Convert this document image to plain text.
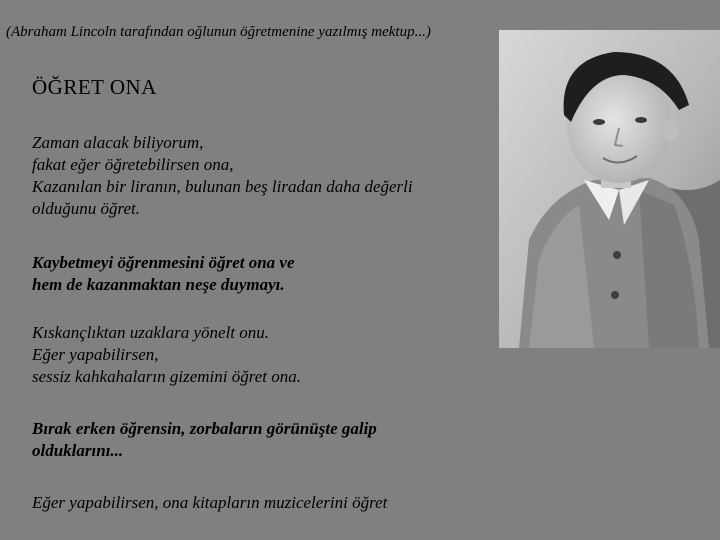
(Abraham Lincoln tarafından oğlunun öğretmenine yazılmış mektup...)
ÖĞRET ONA
Zaman alacak biliyorum,
fakat eğer öğretebilirsen ona,
Kazanılan bir liranın, bulunan beş liradan daha değerli
olduğunu öğret.
Kaybetmeyi öğrenmesini öğret ona ve
hem de kazanmaktan neşe duymayı.
Kıskançlıktan uzaklara yönelt onu.
Eğer yapabilirsen,
sessiz kahkahaların gizemini öğret ona.
Bırak erken öğrensin, zorbaların görünüşte galip
olduklarını...
Eğer yapabilirsen, ona kitapların muzicelerini öğret
